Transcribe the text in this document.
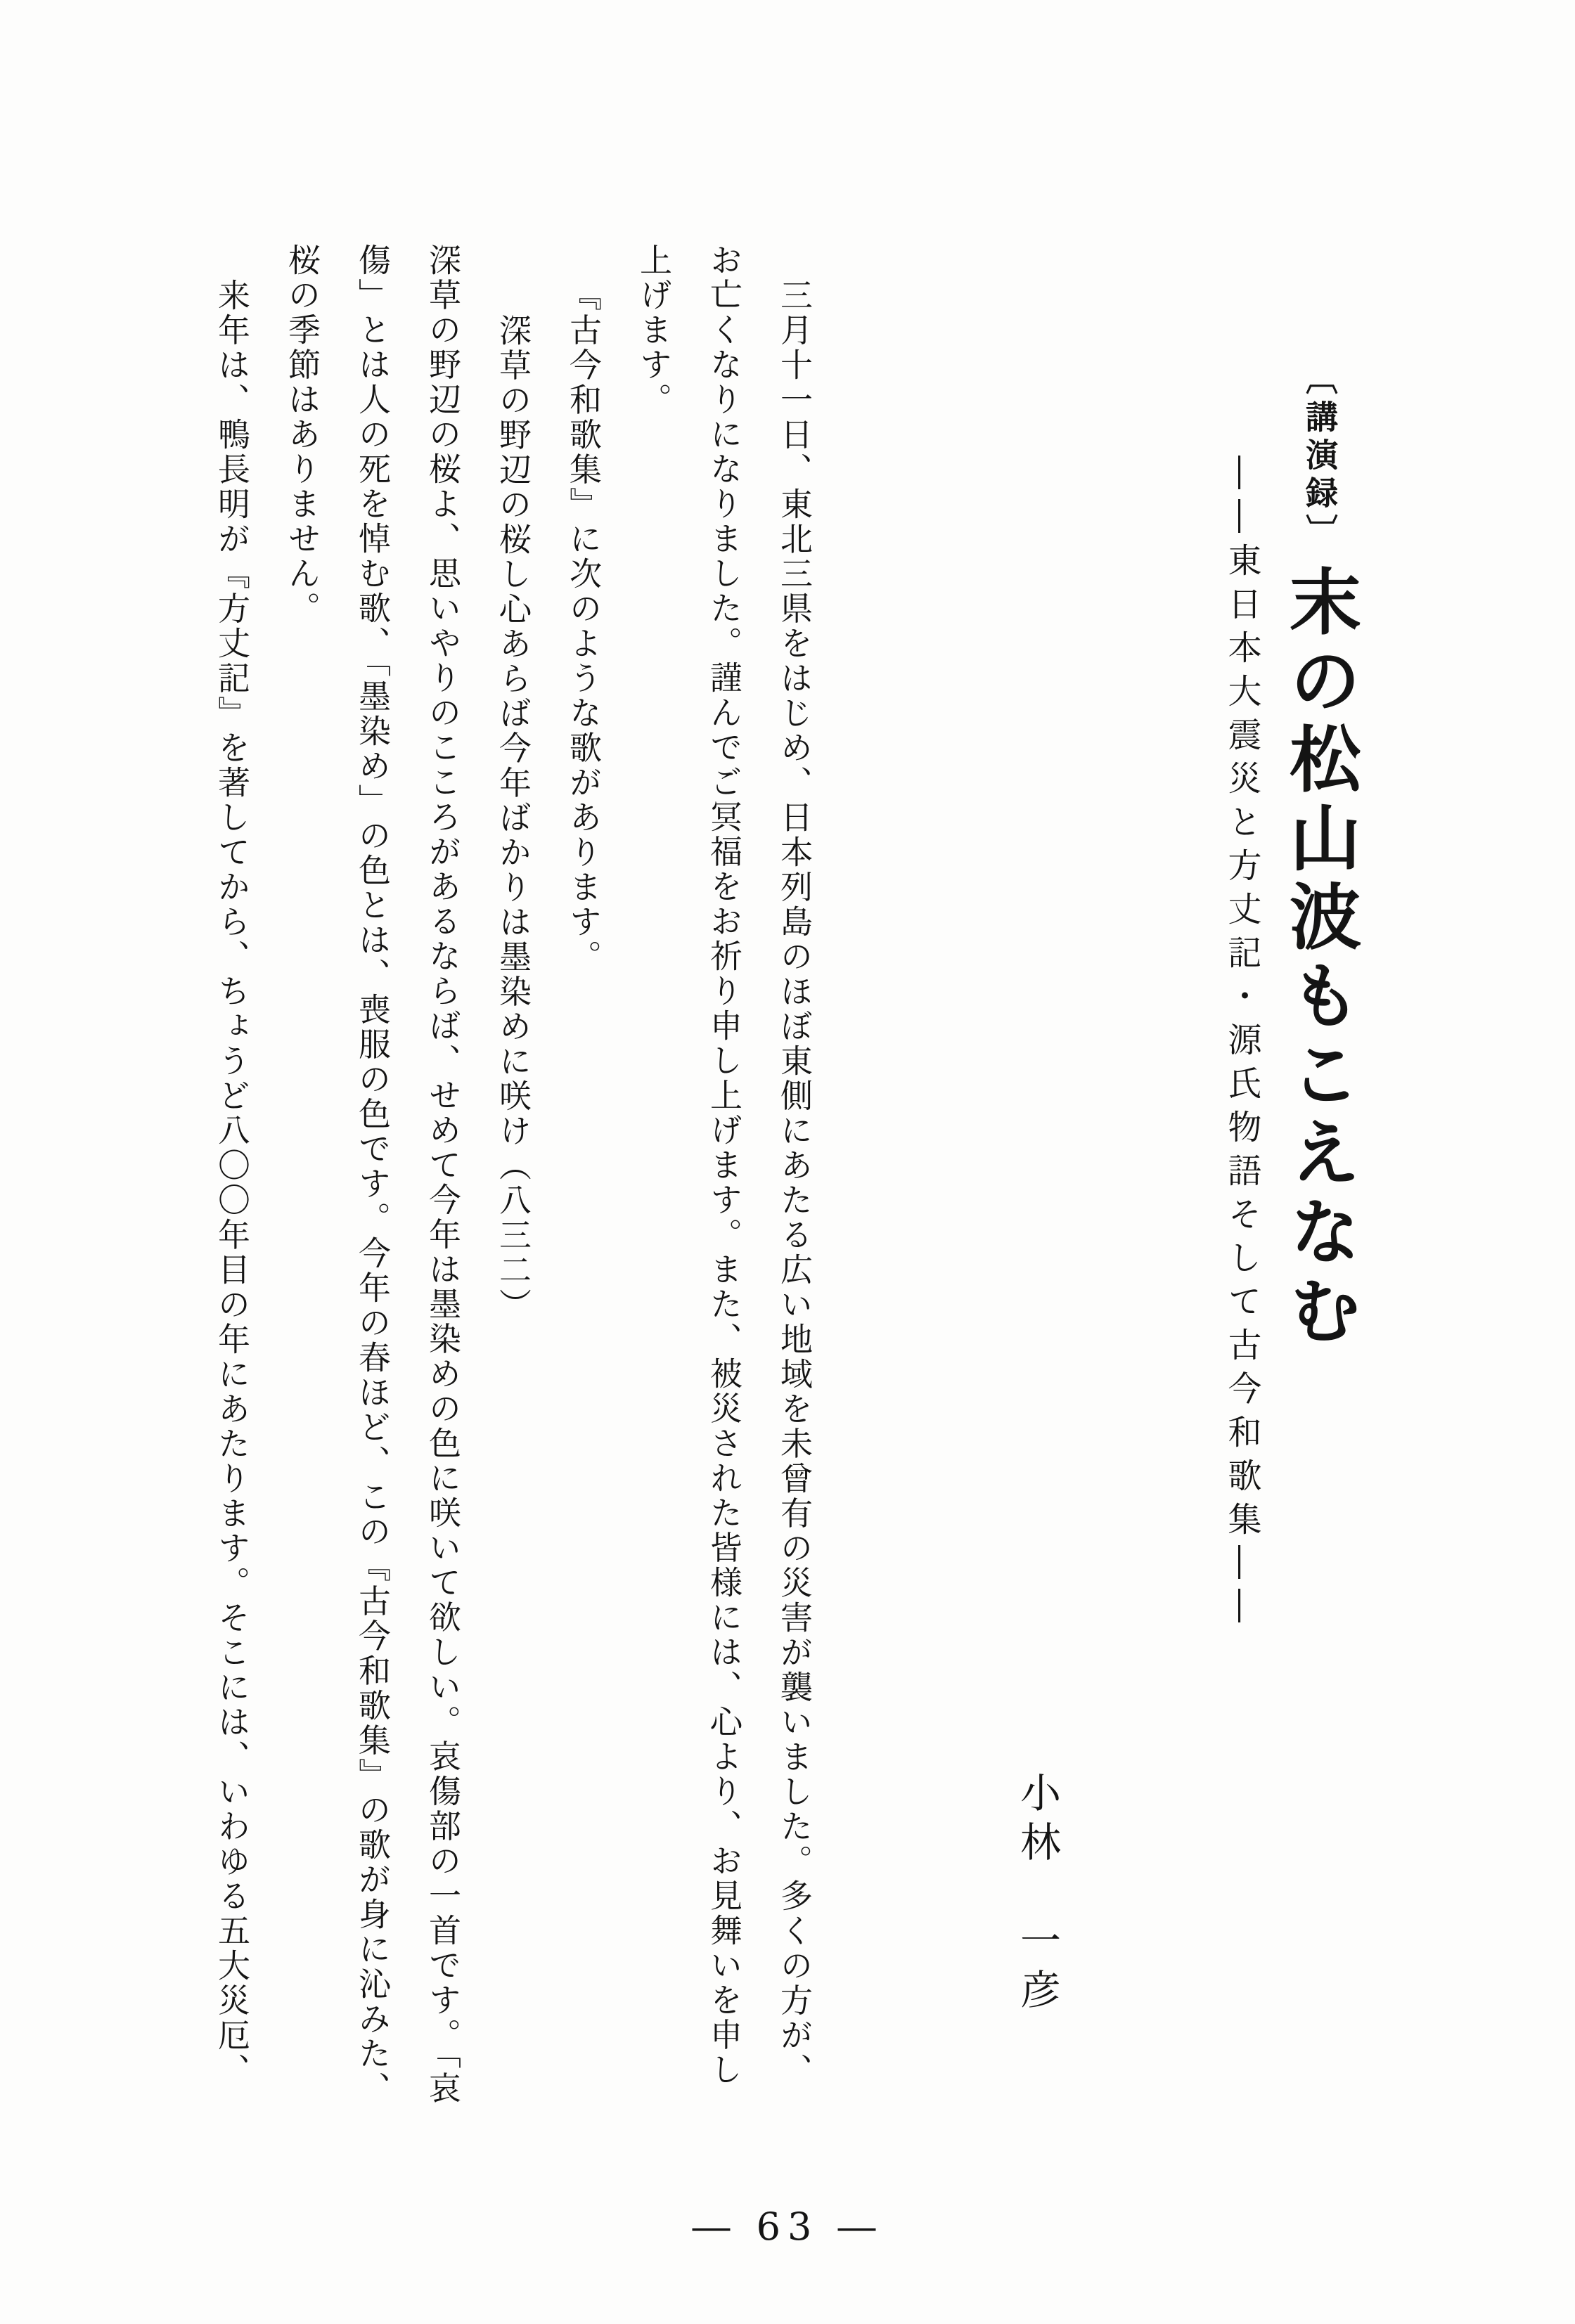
〔講演録〕末の松山波もこえなむ
――東日本大震災と方丈記・源氏物語そして古今和歌集――
小林　一彦
三月十一日、東北三県をはじめ、日本列島のほぼ東側にあたる広い地域を未曾有の災害が襲いました。多くの方が、
お亡くなりになりました。謹んでご冥福をお祈り申し上げます。また、被災された皆様には、心より、お見舞いを申し
上げます。
『古今和歌集』に次のような歌があります。
深草の野辺の桜し心あらば今年ばかりは墨染めに咲け（八三二）
深草の野辺の桜よ、思いやりのこころがあるならば、せめて今年は墨染めの色に咲いて欲しい。哀傷部の一首です。「哀
傷」とは人の死を悼む歌、「墨染め」の色とは、喪服の色です。今年の春ほど、この『古今和歌集』の歌が身に沁みた、
桜の季節はありません。
来年は、鴨長明が『方丈記』を著してから、ちょうど八〇〇年目の年にあたります。そこには、いわゆる五大災厄、
― 63 ―
